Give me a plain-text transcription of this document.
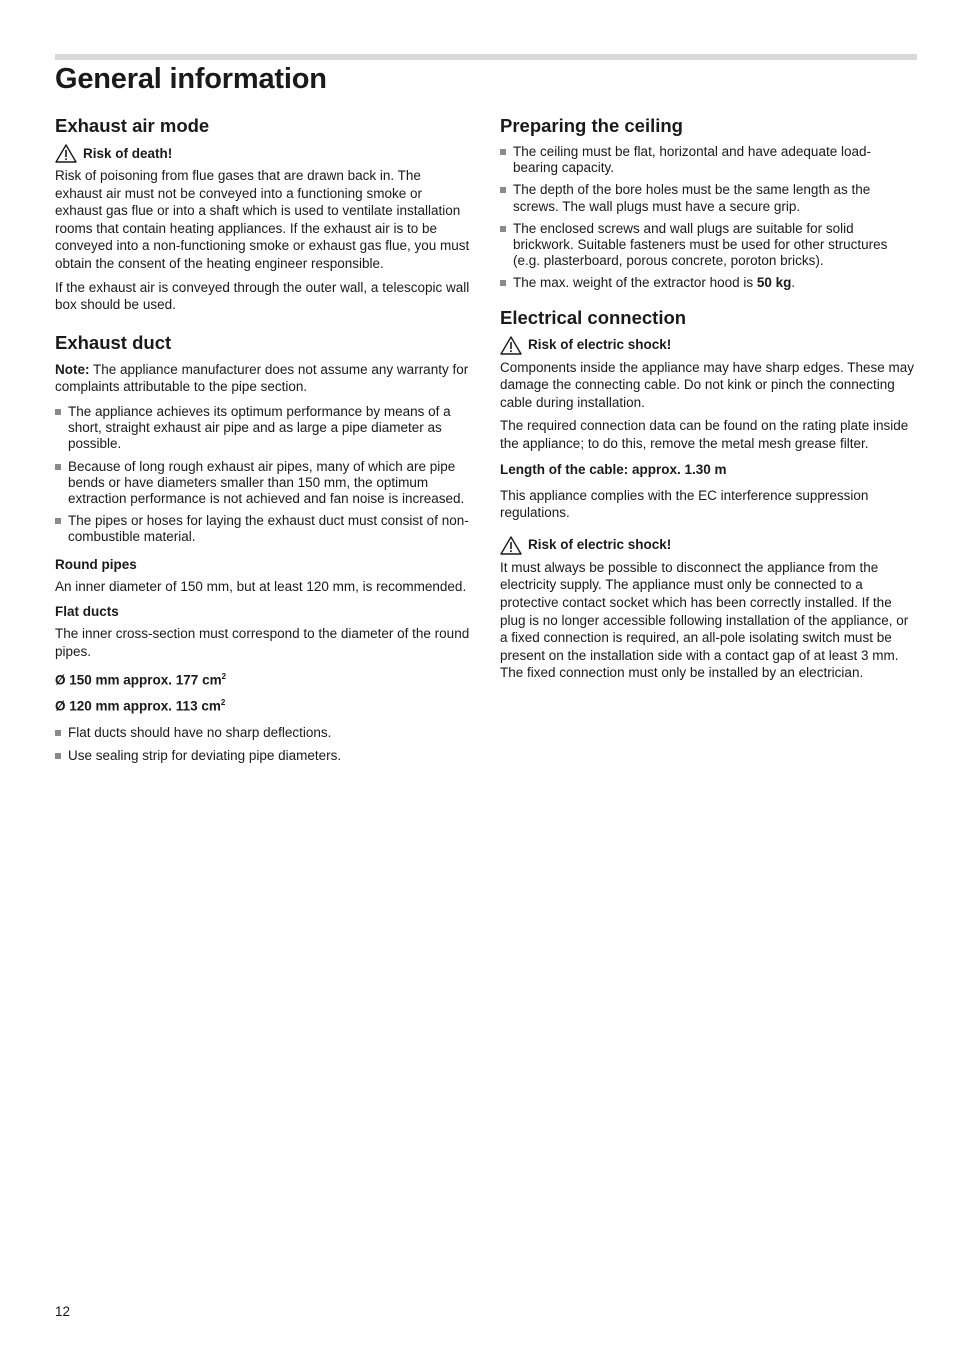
General information
Exhaust air mode
Risk of death!

Risk of poisoning from flue gases that are drawn back in. The exhaust air must not be conveyed into a functioning smoke or exhaust gas flue or into a shaft which is used to ventilate installation rooms that contain heating appliances. If the exhaust air is to be conveyed into a non-functioning smoke or exhaust gas flue, you must obtain the consent of the heating engineer responsible.

If the exhaust air is conveyed through the outer wall, a telescopic wall box should be used.

Exhaust duct

Note: The appliance manufacturer does not assume any warranty for complaints attributable to the pipe section.

The appliance achieves its optimum performance by means of a short, straight exhaust air pipe and as large a pipe diameter as possible.
Because of long rough exhaust air pipes, many of which are pipe bends or have diameters smaller than 150 mm, the optimum extraction performance is not achieved and fan noise is increased.
The pipes or hoses for laying the exhaust duct must consist of non-combustible material.
Round pipes

An inner diameter of 150 mm, but at least 120 mm, is recommended.

Flat ducts

The inner cross-section must correspond to the diameter of the round pipes.

Ø 150 mm approx. 177 $cm^2$
Ø 120 mm approx. 113 $cm^2$
Flat ducts should have no sharp deflections.
Use sealing strip for deviating pipe diameters.
Preparing the ceiling
The ceiling must be flat, horizontal and have adequate load-bearing capacity.
The depth of the bore holes must be the same length as the screws. The wall plugs must have a secure grip.
The enclosed screws and wall plugs are suitable for solid brickwork. Suitable fasteners must be used for other structures (e.g. plasterboard, porous concrete, poroton bricks).
The max. weight of the extractor hood is 50 kg.
Electrical connection
Risk of electric shock!

Components inside the appliance may have sharp edges. These may damage the connecting cable. Do not kink or pinch the connecting cable during installation.

The required connection data can be found on the rating plate inside the appliance; to do this, remove the metal mesh grease filter.

Length of the cable: approx. 1.30 m

This appliance complies with the EC interference suppression regulations.

Risk of electric shock!

It must always be possible to disconnect the appliance from the electricity supply. The appliance must only be connected to a protective contact socket which has been correctly installed. If the plug is no longer accessible following installation of the appliance, or a fixed connection is required, an all-pole isolating switch must be present on the installation side with a contact gap of at least 3 mm. The fixed connection must only be installed by an electrician.

12
